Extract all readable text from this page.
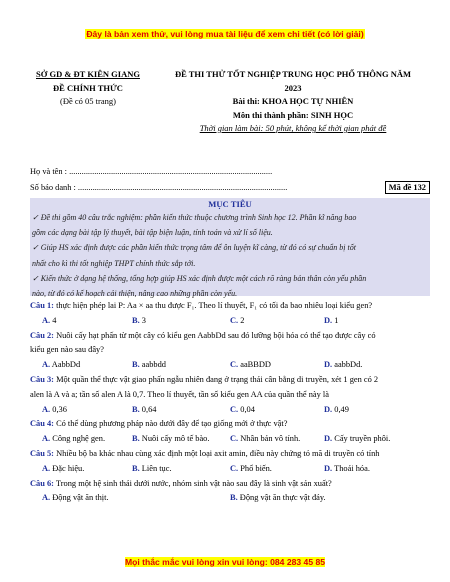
Đây là bản xem thử, vui lòng mua tài liệu để xem chi tiết (có lời giải)
SỞ GD & ĐT KIÊN GIANG
ĐỀ CHÍNH THỨC
(Đề có 05 trang)
ĐỀ THI THỬ TỐT NGHIỆP TRUNG HỌC PHỔ THÔNG NĂM
2023
Bài thi: KHOA HỌC TỰ NHIÊN
Môn thi thành phần: SINH HỌC
Thời gian làm bài: 50 phút, không kể thời gian phát đề
Họ và tên : .................................................................................................
Số báo danh : ....................................................................................................	Mã đề 132
MỤC TIÊU
✓ Đề thi gồm 40 câu trắc nghiệm: phần kiến thức thuộc chương trình Sinh học 12. Phần kĩ năng bao
gồm các dạng bài tập lý thuyết, bài tập biện luận, tính toán và xử lí số liệu.
✓ Giúp HS xác định được các phần kiến thức trọng tâm để ôn luyện kĩ càng, từ đó có sự chuẩn bị tốt
nhất cho kì thi tốt nghiệp THPT chính thức sắp tới.
✓ Kiến thức ở dạng hệ thống, tổng hợp giúp HS xác định được một cách rõ ràng bản thân còn yếu phần
nào, từ đó có kế hoạch cải thiện, nâng cao những phần còn yếu.
Câu 1: thực hiện phép lai P: Aa × aa thu được F₁. Theo lí thuyết, F₁ có tối đa bao nhiêu loại kiểu gen?
A. 4	B. 3	C. 2	D. 1
Câu 2: Nuôi cấy hạt phấn từ một cây có kiểu gen AabbDd sau đó lưỡng bội hóa có thể tạo được cây có
kiểu gen nào sau đây?
A. AabbDd	B. aabbdd	C. aaBBDD	D. aabbDd.
Câu 3: Một quần thể thực vật giao phấn ngẫu nhiên đang ở trạng thái cân bằng di truyền, xét 1 gen có 2
alen là A và a; tần số alen A là 0,7. Theo lí thuyết, tần số kiểu gen AA của quần thể này là
A. 0,36	B. 0,64	C. 0,04	D. 0,49
Câu 4: Có thể dùng phương pháp nào dưới đây để tạo giống mới ở thực vật?
A. Công nghệ gen.	B. Nuôi cấy mô tế bào. C. Nhân bản vô tính.	D. Cấy truyền phôi.
Câu 5: Nhiều bộ ba khác nhau cùng xác định một loại axit amin, điều này chứng tỏ mã di truyền có tính
A. Đặc hiệu.	B. Liên tục.	C. Phổ biến.	D. Thoái hóa.
Câu 6: Trong một hệ sinh thái dưới nước, nhóm sinh vật nào sau đây là sinh vật sản xuất?
A. Động vật ăn thịt.	B. Động vật ăn thực vật đáy.
Mọi thắc mắc vui lòng xin vui lòng: 084 283 45 85
